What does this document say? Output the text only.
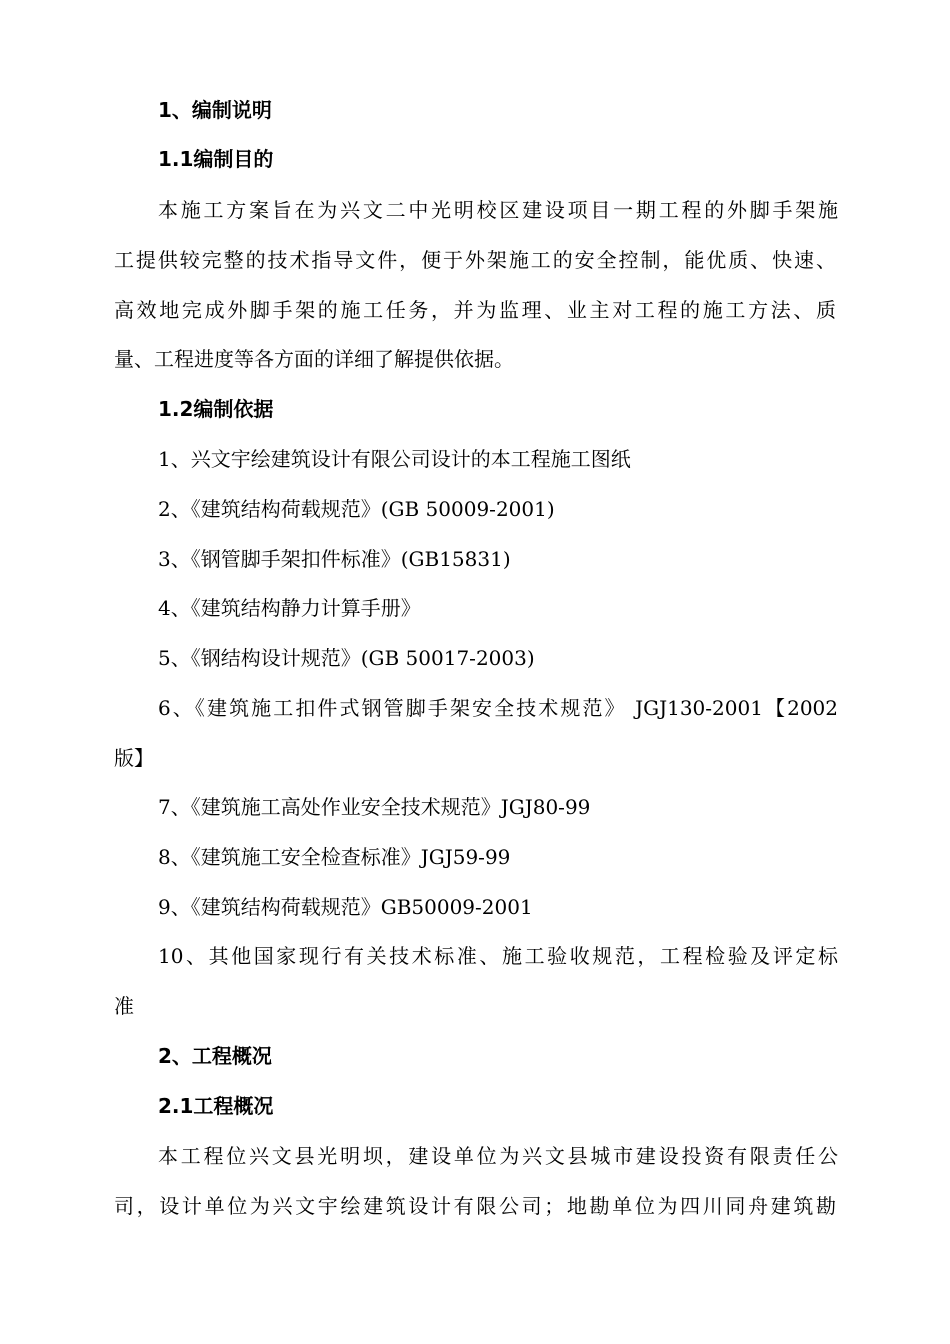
1、编制说明
1.1编制目的
本施工方案旨在为兴文二中光明校区建设项目一期工程的外脚手架施
工提供较完整的技术指导文件，便于外架施工的安全控制，能优质、快速、
高效地完成外脚手架的施工任务，并为监理、业主对工程的施工方法、质
量、工程进度等各方面的详细了解提供依据。
1.2编制依据
1、兴文宇绘建筑设计有限公司设计的本工程施工图纸
2、《建筑结构荷载规范》(GB 50009-2001)
3、《钢管脚手架扣件标准》(GB15831)
4、《建筑结构静力计算手册》
5、《钢结构设计规范》(GB 50017-2003)
6、《建筑施工扣件式钢管脚手架安全技术规范》 JGJ130-2001【2002
版】
7、《建筑施工高处作业安全技术规范》JGJ80-99
8、《建筑施工安全检查标准》JGJ59-99
9、《建筑结构荷载规范》GB50009-2001
10、其他国家现行有关技术标准、施工验收规范，工程检验及评定标
准
2、工程概况
2.1工程概况
本工程位兴文县光明坝，建设单位为兴文县城市建设投资有限责任公
司，设计单位为兴文宇绘建筑设计有限公司；地勘单位为四川同舟建筑勘
